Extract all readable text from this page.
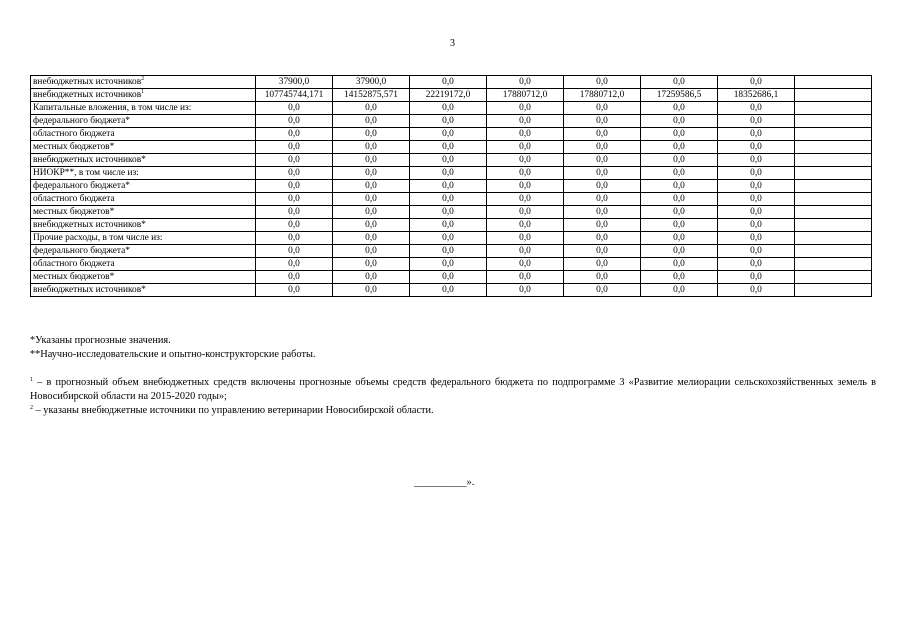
3
внебюджетных источников$^2$	37900,0	37900,0	0,0	0,0	0,0	0,0	0,0	
внебюджетных источников$^1$	107745744,171	14152875,571	22219172,0	17880712,0	17880712,0	17259586,5	18352686,1	
Капитальные вложения, в том числе из:	0,0	0,0	0,0	0,0	0,0	0,0	0,0	
федерального бюджета*	0,0	0,0	0,0	0,0	0,0	0,0	0,0	
областного бюджета	0,0	0,0	0,0	0,0	0,0	0,0	0,0	
местных бюджетов*	0,0	0,0	0,0	0,0	0,0	0,0	0,0	
внебюджетных источников*	0,0	0,0	0,0	0,0	0,0	0,0	0,0	
НИОКР**, в том числе из:	0,0	0,0	0,0	0,0	0,0	0,0	0,0	
федерального бюджета*	0,0	0,0	0,0	0,0	0,0	0,0	0,0	
областного бюджета	0,0	0,0	0,0	0,0	0,0	0,0	0,0	
местных бюджетов*	0,0	0,0	0,0	0,0	0,0	0,0	0,0	
внебюджетных источников*	0,0	0,0	0,0	0,0	0,0	0,0	0,0	
Прочие расходы, в том числе из:	0,0	0,0	0,0	0,0	0,0	0,0	0,0	
федерального бюджета*	0,0	0,0	0,0	0,0	0,0	0,0	0,0	
областного бюджета	0,0	0,0	0,0	0,0	0,0	0,0	0,0	
местных бюджетов*	0,0	0,0	0,0	0,0	0,0	0,0	0,0	
внебюджетных источников*	0,0	0,0	0,0	0,0	0,0	0,0	0,0	

*Указаны прогнозные значения.

**Научно-исследовательские и опытно-конструкторские работы.

$^1$ – в прогнозный объем внебюджетных средств включены прогнозные объемы средств федерального бюджета по подпрограмме 3 «Развитие мелиорации сельскохозяйственных земель в Новосибирской области на 2015-2020 годы»;

$^2$ – указаны внебюджетные источники по управлению ветеринарии Новосибирской области.

__________».
